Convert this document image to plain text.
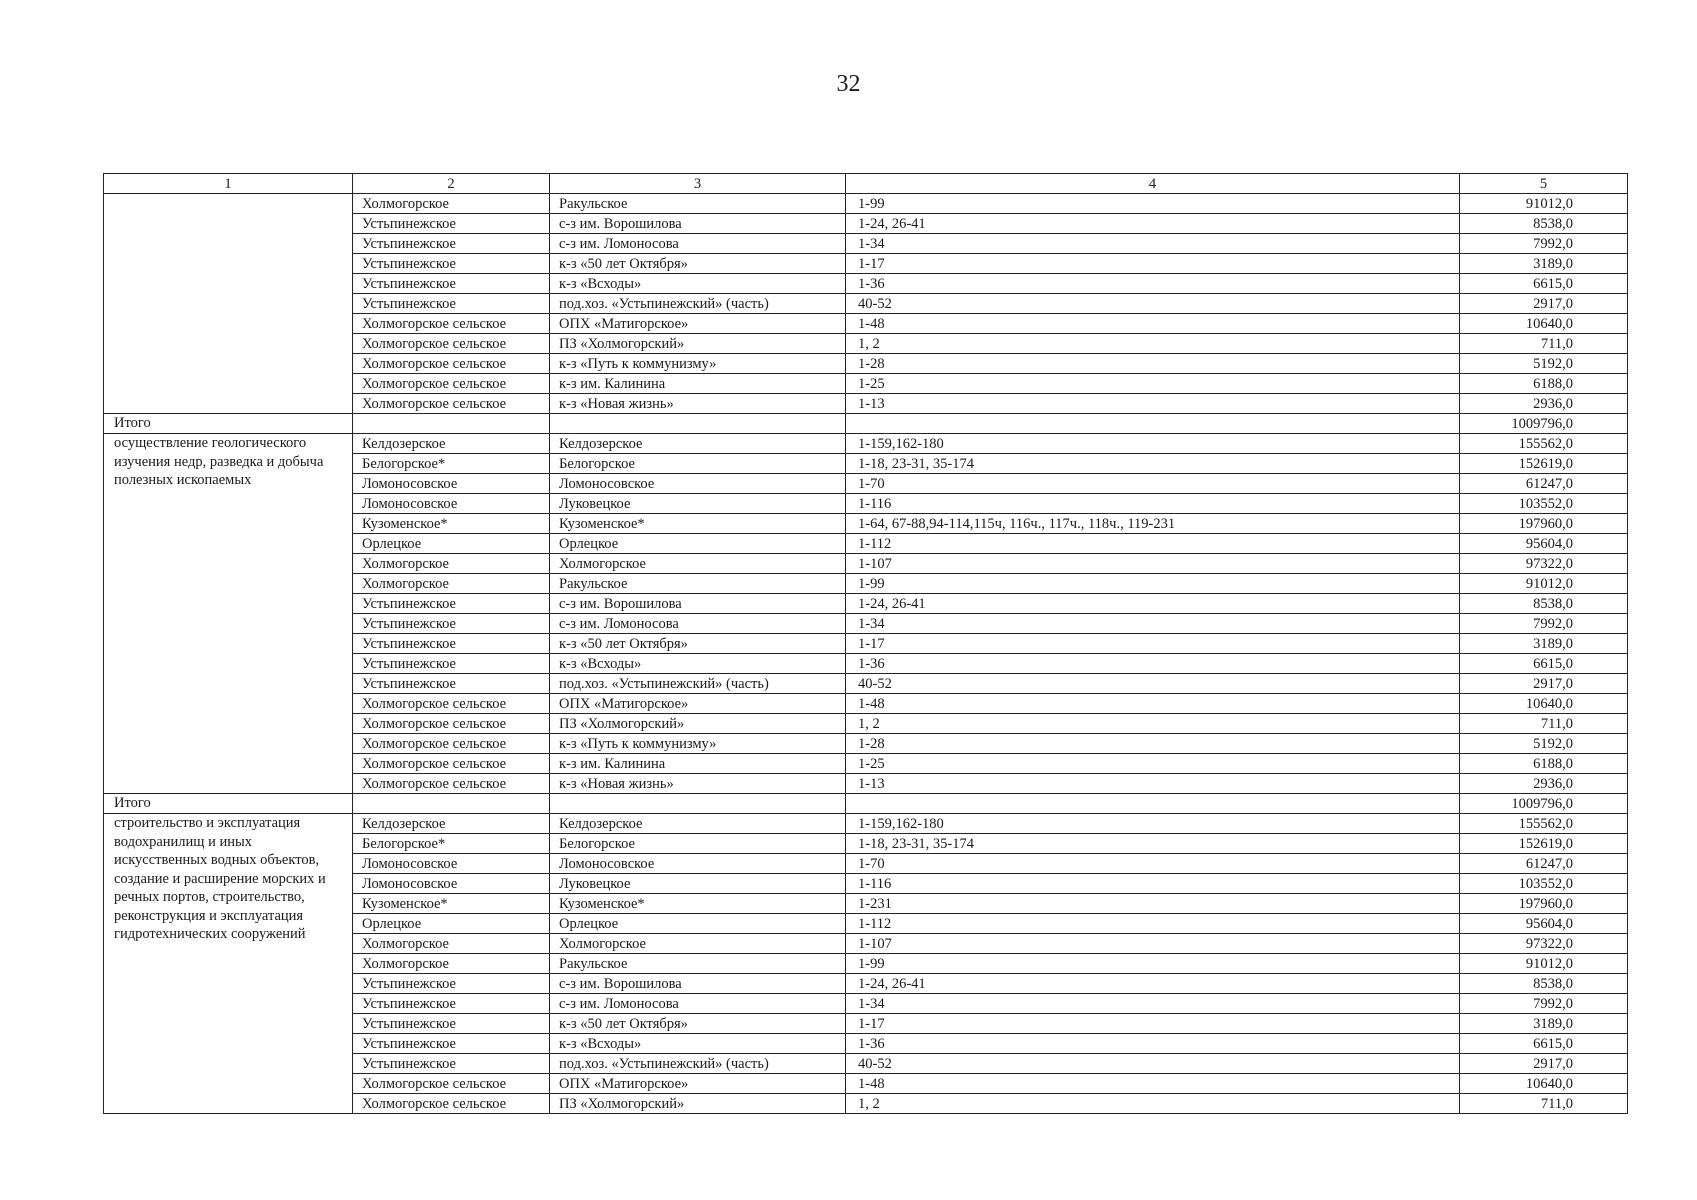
32
1	2	3	4	5
	Холмогорское	Ракульское	1-99	91012,0
	Устьпинежское	с-з им. Ворошилова	1-24, 26-41	8538,0
	Устьпинежское	с-з им. Ломоносова	1-34	7992,0
	Устьпинежское	к-з «50 лет Октября»	1-17	3189,0
	Устьпинежское	к-з «Всходы»	1-36	6615,0
	Устьпинежское	под.хоз. «Устьпинежский» (часть)	40-52	2917,0
	Холмогорское сельское	ОПХ «Матигорское»	1-48	10640,0
	Холмогорское сельское	ПЗ «Холмогорский»	1, 2	711,0
	Холмогорское сельское	к-з «Путь к коммунизму»	1-28	5192,0
	Холмогорское сельское	к-з им. Калинина	1-25	6188,0
	Холмогорское сельское	к-з «Новая жизнь»	1-13	2936,0
Итого				1009796,0
осуществление геологического изучения недр, разведка и добыча полезных ископаемых	Келдозерское	Келдозерское	1-159,162-180	155562,0
	Белогорское*	Белогорское	1-18, 23-31, 35-174	152619,0
	Ломоносовское	Ломоносовское	1-70	61247,0
	Ломоносовское	Луковецкое	1-116	103552,0
	Кузоменское*	Кузоменское*	1-64, 67-88,94-114,115ч, 116ч., 117ч., 118ч., 119-231	197960,0
	Орлецкое	Орлецкое	1-112	95604,0
	Холмогорское	Холмогорское	1-107	97322,0
	Холмогорское	Ракульское	1-99	91012,0
	Устьпинежское	с-з им. Ворошилова	1-24, 26-41	8538,0
	Устьпинежское	с-з им. Ломоносова	1-34	7992,0
	Устьпинежское	к-з «50 лет Октября»	1-17	3189,0
	Устьпинежское	к-з «Всходы»	1-36	6615,0
	Устьпинежское	под.хоз. «Устьпинежский» (часть)	40-52	2917,0
	Холмогорское сельское	ОПХ «Матигорское»	1-48	10640,0
	Холмогорское сельское	ПЗ «Холмогорский»	1, 2	711,0
	Холмогорское сельское	к-з «Путь к коммунизму»	1-28	5192,0
	Холмогорское сельское	к-з им. Калинина	1-25	6188,0
	Холмогорское сельское	к-з «Новая жизнь»	1-13	2936,0
Итого				1009796,0
строительство и эксплуатация водохранилищ и иных искусственных водных объектов, создание и расширение морских и речных портов, строительство, реконструкция и эксплуатация гидротехнических сооружений	Келдозерское	Келдозерское	1-159,162-180	155562,0
	Белогорское*	Белогорское	1-18, 23-31, 35-174	152619,0
	Ломоносовское	Ломоносовское	1-70	61247,0
	Ломоносовское	Луковецкое	1-116	103552,0
	Кузоменское*	Кузоменское*	1-231	197960,0
	Орлецкое	Орлецкое	1-112	95604,0
	Холмогорское	Холмогорское	1-107	97322,0
	Холмогорское	Ракульское	1-99	91012,0
	Устьпинежское	с-з им. Ворошилова	1-24, 26-41	8538,0
	Устьпинежское	с-з им. Ломоносова	1-34	7992,0
	Устьпинежское	к-з «50 лет Октября»	1-17	3189,0
	Устьпинежское	к-з «Всходы»	1-36	6615,0
	Устьпинежское	под.хоз. «Устьпинежский» (часть)	40-52	2917,0
	Холмогорское сельское	ОПХ «Матигорское»	1-48	10640,0
	Холмогорское сельское	ПЗ «Холмогорский»	1, 2	711,0
